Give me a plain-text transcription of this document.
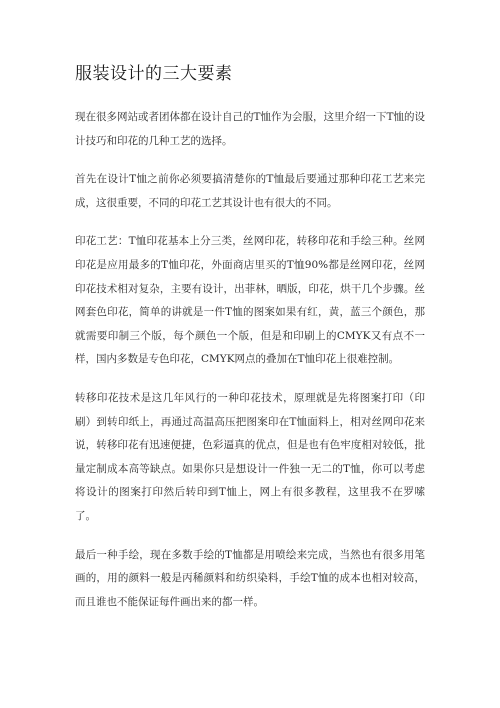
服装设计的三大要素

现在很多网站或者团体都在设计自己的T恤作为会服，这里介绍一下T恤的设计技巧和印花的几种工艺的选择。

首先在设计T恤之前你必须要搞清楚你的T恤最后要通过那种印花工艺来完成，这很重要，不同的印花工艺其设计也有很大的不同。

印花工艺：T恤印花基本上分三类，丝网印花，转移印花和手绘三种。丝网印花是应用最多的T恤印花，外面商店里买的T恤90%都是丝网印花，丝网印花技术相对复杂，主要有设计，出菲林，晒版，印花，烘干几个步骤。丝网套色印花，简单的讲就是一件T恤的图案如果有红，黄，蓝三个颜色，那就需要印制三个版，每个颜色一个版，但是和印刷上的CMYK又有点不一样，国内多数是专色印花，CMYK网点的叠加在T恤印花上很难控制。

转移印花技术是这几年风行的一种印花技术，原理就是先将图案打印（印刷）到转印纸上，再通过高温高压把图案印在T恤面料上，相对丝网印花来说，转移印花有迅速便捷，色彩逼真的优点，但是也有色牢度相对较低，批量定制成本高等缺点。如果你只是想设计一件独一无二的T恤，你可以考虑将设计的图案打印然后转印到T恤上，网上有很多教程，这里我不在罗嗦了。

最后一种手绘，现在多数手绘的T恤都是用喷绘来完成，当然也有很多用笔画的，用的颜料一般是丙稀颜料和纺织染料，手绘T恤的成本也相对较高，而且谁也不能保证每件画出来的都一样。
